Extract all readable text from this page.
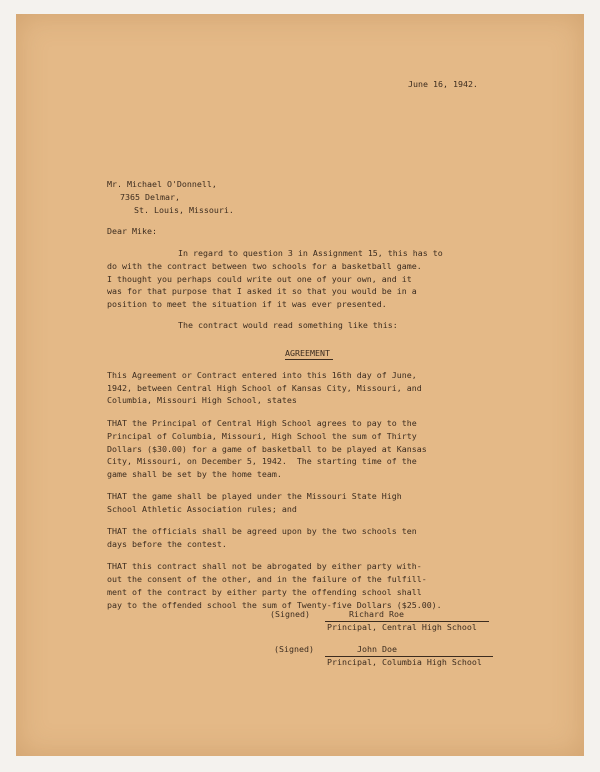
June 16, 1942.
Mr. Michael O'Donnell,
7365 Delmar,
St. Louis, Missouri.
Dear Mike:
In regard to question 3 in Assignment 15, this has to
do with the contract between two schools for a basketball game.
I thought you perhaps could write out one of your own, and it
was for that purpose that I asked it so that you would be in a
position to meet the situation if it was ever presented.
The contract would read something like this:
AGREEMENT
This Agreement or Contract entered into this 16th day of June,
1942, between Central High School of Kansas City, Missouri, and
Columbia, Missouri High School, states
THAT the Principal of Central High School agrees to pay to the
Principal of Columbia, Missouri, High School the sum of Thirty
Dollars ($30.00) for a game of basketball to be played at Kansas
City, Missouri, on December 5, 1942.  The starting time of the
game shall be set by the home team.
THAT the game shall be played under the Missouri State High
School Athletic Association rules; and
THAT the officials shall be agreed upon by the two schools ten
days before the contest.
THAT this contract shall not be abrogated by either party with-
out the consent of the other, and in the failure of the fulfill-
ment of the contract by either party the offending school shall
pay to the offended school the sum of Twenty-five Dollars ($25.00).
(Signed)	Richard Roe
Principal, Central High School
(Signed)	John Doe
Principal, Columbia High School
